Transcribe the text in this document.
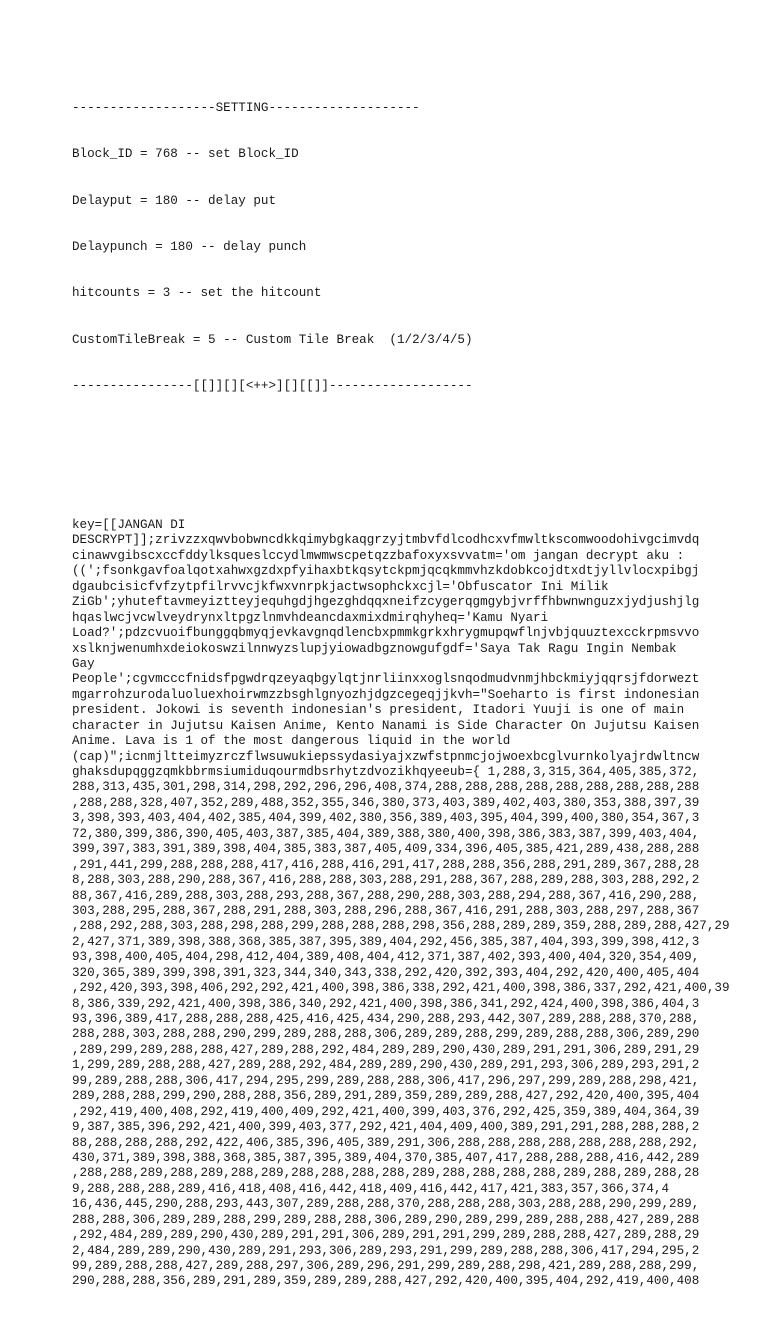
-------------------SETTING--------------------

Block_ID = 768 -- set Block_ID

Delayput = 180 -- delay put

Delaypunch = 180 -- delay punch

hitcounts = 3 -- set the hitcount

CustomTileBreak = 5 -- Custom Tile Break  (1/2/3/4/5)

----------------[[]][][<++>][][[]]-------------------

key=[[JANGAN DI
DESCRYPT]];zrivzzxqwvbobwncdkkqimybgkaqgrzyjtmbvfdlcodhcxvfmwltkscomwoodohivgcimvdq
cinawvgibscxccfddylksqueslccydlmwmwscpetqzzbafoxyxsvvatm='om jangan decrypt aku :
((';fsonkgavfoalqotxahwxgzdxpfyihaxbtkqsytckpmjqcqkmmvhzkdobkcojdtxdtjyllvlocxpibgj
dgaubcisicfvfzytpfilrvvcjkfwxvnrpkjactwsophckxcjl='Obfuscator Ini Milik
ZiGb';yhuteftavmeyiztteyjequhgdjhgezghdqqxneifzcygerqgmgybjvrffhbwnwnguzxjydjushjlg
hqaslwcjvcwlveydrynxltpgzlnmvhdeancdaxmixdmirqhyheq='Kamu Nyari
Load?';pdzcvuoifbunggqbmyqjevkavgnqdlencbxpmmkgrkxhrygmupqwflnjvbjquuztexcckrpmsvvo
xslknjwenumhxdeiokoswzilnnwyzslupjyiowadbgznowgufgdf='Saya Tak Ragu Ingin Nembak
Gay
People';cgvmcccfnidsfpgwdrqzeyaqbgylqtjnrliinxxoglsnqodmudvnmjhbckmiyjqqrsjfdorwezt
mgarrohzurodaluoluexhoirwmzzbsghlgnyozhjdgzcegeqjjkvh="Soeharto is first indonesian
president. Jokowi is seventh indonesian's president, Itadori Yuuji is one of main
character in Jujutsu Kaisen Anime, Kento Nanami is Side Character On Jujutsu Kaisen
Anime. Lava is 1 of the most dangerous liquid in the world
(cap)";icnmjltteimyzrczflwsuwukiepssydasiyajxzwfstpnmcjojwoexbcglvurnkolyajrdwltncw
ghaksdupqggzqmkbbrmsiumiduqourmdbsrhytzdvozikhqyeeub={ 1,288,3,315,364,405,385,372,
288,313,435,301,298,314,298,292,296,296,408,374,288,288,288,288,288,288,288,288,288
,288,288,328,407,352,289,488,352,355,346,380,373,403,389,402,403,380,353,388,397,39
3,398,393,403,404,402,385,404,399,402,380,356,389,403,395,404,399,400,380,354,367,3
72,380,399,386,390,405,403,387,385,404,389,388,380,400,398,386,383,387,399,403,404,
399,397,383,391,389,398,404,385,383,387,405,409,334,396,405,385,421,289,438,288,288
,291,441,299,288,288,288,417,416,288,416,291,417,288,288,356,288,291,289,367,288,28
8,288,303,288,290,288,367,416,288,288,303,288,291,288,367,288,289,288,303,288,292,2
88,367,416,289,288,303,288,293,288,367,288,290,288,303,288,294,288,367,416,290,288,
303,288,295,288,367,288,291,288,303,288,296,288,367,416,291,288,303,288,297,288,367
,288,292,288,303,288,298,288,299,288,288,288,298,356,288,289,289,359,288,289,288,427,29
2,427,371,389,398,388,368,385,387,395,389,404,292,456,385,387,404,393,399,398,412,3
93,398,400,405,404,298,412,404,389,408,404,412,371,387,402,393,400,404,320,354,409,
320,365,389,399,398,391,323,344,340,343,338,292,420,392,393,404,292,420,400,405,404
,292,420,393,398,406,292,292,421,400,398,386,338,292,421,400,398,386,337,292,421,400,39
8,386,339,292,421,400,398,386,340,292,421,400,398,386,341,292,424,400,398,386,404,3
93,396,389,417,288,288,288,425,416,425,434,290,288,293,442,307,289,288,288,370,288,
288,288,303,288,288,290,299,289,288,288,306,289,289,288,299,289,288,288,306,289,290
,289,299,289,288,288,427,289,288,292,484,289,289,290,430,289,291,291,306,289,291,29
1,299,289,288,288,427,289,288,292,484,289,289,290,430,289,291,293,306,289,293,291,2
99,289,288,288,306,417,294,295,299,289,288,288,306,417,296,297,299,289,288,298,421,
289,288,288,299,290,288,288,356,289,291,289,359,289,289,288,427,292,420,400,395,404
,292,419,400,408,292,419,400,409,292,421,400,399,403,376,292,425,359,389,404,364,39
9,387,385,396,292,421,400,399,403,377,292,421,404,409,400,389,291,291,288,288,288,2
88,288,288,288,292,422,406,385,396,405,389,291,306,288,288,288,288,288,288,288,292,
430,371,389,398,388,368,385,387,395,389,404,370,385,407,417,288,288,288,416,442,289
,288,288,289,288,289,288,289,288,288,288,288,289,288,288,288,288,289,288,289,288,28
9,288,288,288,289,416,418,408,416,442,418,409,416,442,417,421,383,357,366,374,4
16,436,445,290,288,293,443,307,289,288,288,370,288,288,288,303,288,288,290,299,289,
288,288,306,289,289,288,299,289,288,288,306,289,290,289,299,289,288,288,427,289,288
,292,484,289,289,290,430,289,291,291,306,289,291,291,299,289,288,288,427,289,288,29
2,484,289,289,290,430,289,291,293,306,289,293,291,299,289,288,288,306,417,294,295,2
99,289,288,288,427,289,288,297,306,289,296,291,299,289,288,298,421,289,288,288,299,
290,288,288,356,289,291,289,359,289,289,288,427,292,420,400,395,404,292,419,400,408
